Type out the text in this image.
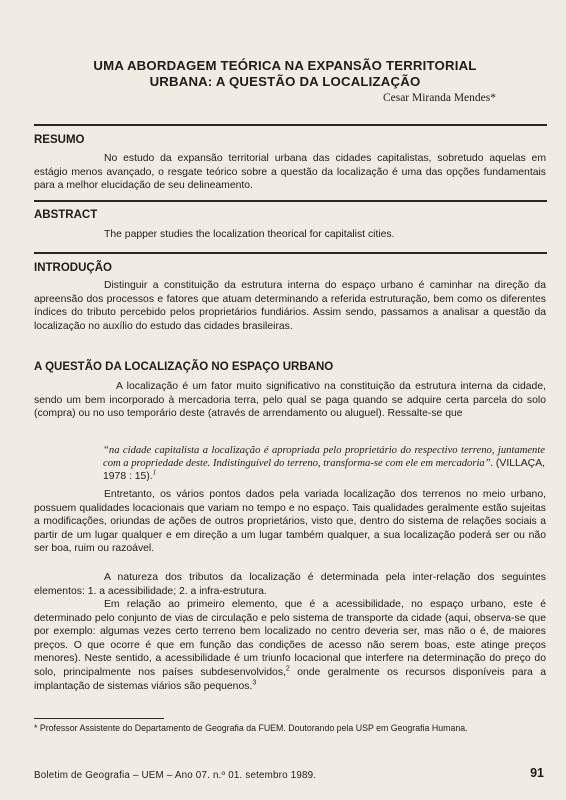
UMA ABORDAGEM TEÓRICA NA EXPANSÃO TERRITORIAL
URBANA: A QUESTÃO DA LOCALIZAÇÃO
Cesar Miranda Mendes*
RESUMO

No estudo da expansão territorial urbana das cidades capitalistas, sobretudo aquelas em estágio menos avançado, o resgate teórico sobre a questão da localização é uma das opções fundamentais para a melhor elucidação de seu delineamento.

ABSTRACT

The papper studies the localization theorical for capitalist cities.

INTRODUÇÃO

Distinguir a constituição da estrutura interna do espaço urbano é caminhar na direção da apreensão dos processos e fatores que atuam determinando a referida estruturação, bem como os diferentes índices do tributo percebido pelos proprietários fundiários. Assim sendo, passamos a analisar a questão da localização no auxílio do estudo das cidades brasileiras.

A QUESTÃO DA LOCALIZAÇÃO NO ESPAÇO URBANO

A localização é um fator muito significativo na constituição da estrutura interna da cidade, sendo um bem incorporado à mercadoria terra, pelo qual se paga quando se adquire certa parcela do solo (compra) ou no uso temporário deste (através de arrendamento ou aluguel). Ressalte-se que

“na cidade capitalista a localização é apropriada pelo proprietário do respectivo terreno, juntamente com a propriedade deste. Indistinguível do terreno, transforma-se com ele em mercadoria”. (VILLAÇA, 1978 : 15).$^1$

Entretanto, os vários pontos dados pela variada localização dos terrenos no meio urbano, possuem qualidades locacionais que variam no tempo e no espaço. Tais qualidades geralmente estão sujeitas a modificações, oriundas de ações de outros proprietários, visto que, dentro do sistema de relações sociais a partir de um lugar qualquer e em direção a um lugar também qualquer, a sua localização poderá ser ou não ser boa, ruim ou razoável.

A natureza dos tributos da localização é determinada pela inter-relação dos seguintes elementos: 1. a acessibilidade; 2. a infra-estrutura.

Em relação ao primeiro elemento, que é a acessibilidade, no espaço urbano, este é determinado pelo conjunto de vias de circulação e pelo sistema de transporte da cidade (aqui, observa-se que por exemplo: algumas vezes certo terreno bem localizado no centro deveria ser, mas não o é, de maiores preços. O que ocorre é que em função das condições de acesso não serem boas, este atinge preços menores). Neste sentido, a acessibilidade é um triunfo locacional que interfere na determinação do preço do solo, principalmente nos países subdesenvolvidos,$^2$ onde geralmente os recursos disponíveis para a implantação de sistemas viários são pequenos.$^3$

* Professor Assistente do Departamento de Geografia da FUEM. Doutorando pela USP em Geografia Humana.

Boletim de Geografia – UEM – Ano 07. n.º 01. setembro 1989.	91
